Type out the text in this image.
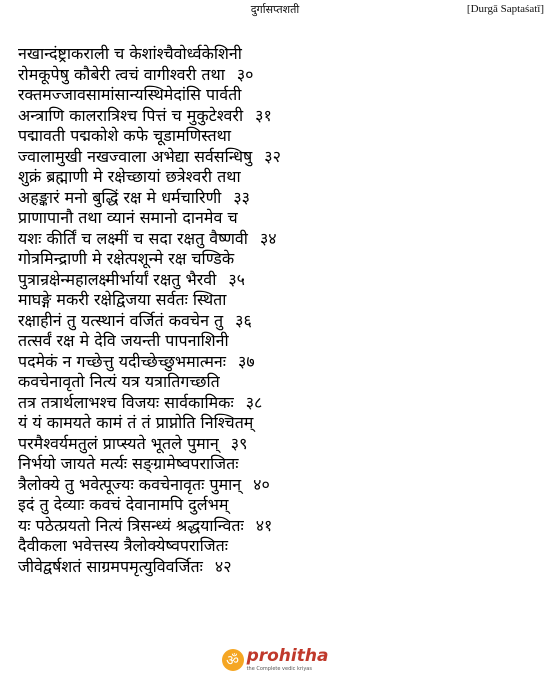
दुर्गासप्तशती	[Durgā Saptaśatī]
नखान्दंष्ट्राकराली च केशांश्चैवोर्ध्वकेशिनी
रोमकूपेषु कौबेरी त्वचं वागीश्वरी तथा ३०
रक्तमज्जावसामांसान्यस्थिमेदांसि पार्वती
अन्त्राणि कालरात्रिश्च पित्तं च मुकुटेश्वरी ३१
पद्मावती पद्मकोशे कफे चूडामणिस्तथा
ज्वालामुखी नखज्वाला अभेद्या सर्वसन्धिषु ३२
शुक्रं ब्रह्माणी मे रक्षेच्छायां छत्रेश्वरी तथा
अहङ्कारं मनो बुद्धिं रक्ष मे धर्मचारिणी ३३
प्राणापानौ तथा व्यानं समानो दानमेव च
यशः कीर्तिं च लक्ष्मीं च सदा रक्षतु वैष्णवी ३४
गोत्रमिन्द्राणी मे रक्षेत्पशून्मे रक्ष चण्डिके
पुत्रान्रक्षेन्महालक्ष्मीर्भार्यां रक्षतु भैरवी ३५
माघङ्गे मकरी रक्षेद्विजया सर्वतः स्थिता
रक्षाहीनं तु यत्स्थानं वर्जितं कवचेन तु ३६
तत्सर्वं रक्ष मे देवि जयन्ती पापनाशिनी
पदमेकं न गच्छेत्तु यदीच्छेच्छुभमात्मनः ३७
कवचेनावृतो नित्यं यत्र यत्रातिगच्छति
तत्र तत्रार्थलाभश्च विजयः सार्वकामिकः ३८
यं यं कामयते कामं तं तं प्राप्नोति निश्चितम्
परमैश्वर्यमतुलं प्राप्स्यते भूतले पुमान् ३९
निर्भयो जायते मर्त्यः सङ्ग्रामेष्वपराजितः
त्रैलोक्ये तु भवेत्पूज्यः कवचेनावृतः पुमान् ४०
इदं तु देव्याः कवचं देवानामपि दुर्लभम्
यः पठेत्प्रयतो नित्यं त्रिसन्ध्यं श्रद्धयान्वितः ४१
दैवीकला भवेत्तस्य त्रैलोक्येष्वपराजितः
जीवेद्वर्षशतं साग्रमपमृत्युविवर्जितः ४२
ॐ prohitha
the Complete vedic kriyas
